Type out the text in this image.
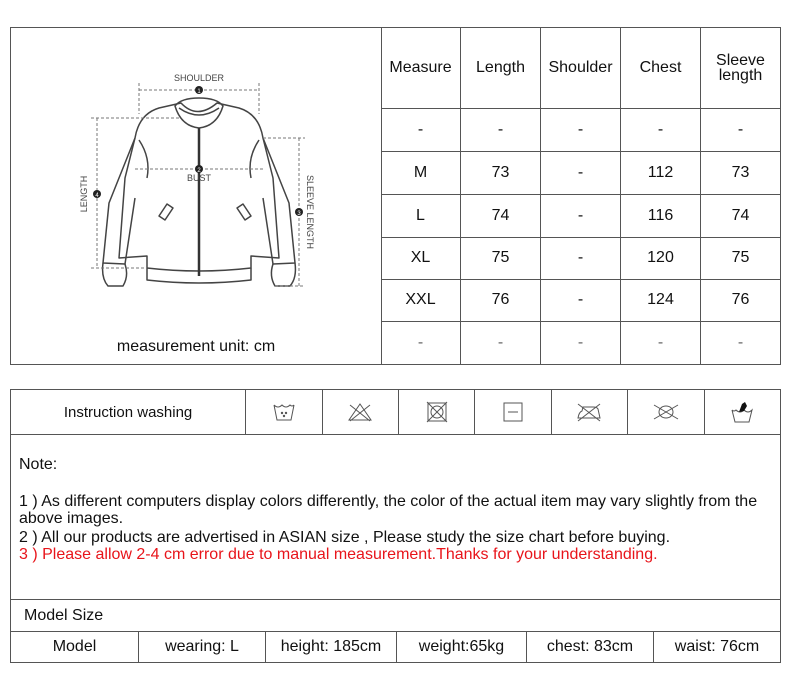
SHOULDER
1
2
BUST
4
LENGTH
3 SLEEVE LENGTH
measurement unit: cm
Measure	Length	Shoulder	Chest	Sleeve
length
-	-	-	-	-
M	73	-	112	73
L	74	-	116	74
XL	75	-	120	75
XXL	76	-	124	76
-	-	-	-	-
Instruction washing
Note:
1 ) As different computers display colors differently, the color of the actual item may vary slightly from the above images.
2 ) All our products are advertised in ASIAN size , Please study the size chart before buying.
3 ) Please allow 2-4 cm error due to manual measurement.Thanks for your understanding.
Model Size
Model	wearing: L	height: 185cm	weight:65kg	chest: 83cm	waist: 76cm
